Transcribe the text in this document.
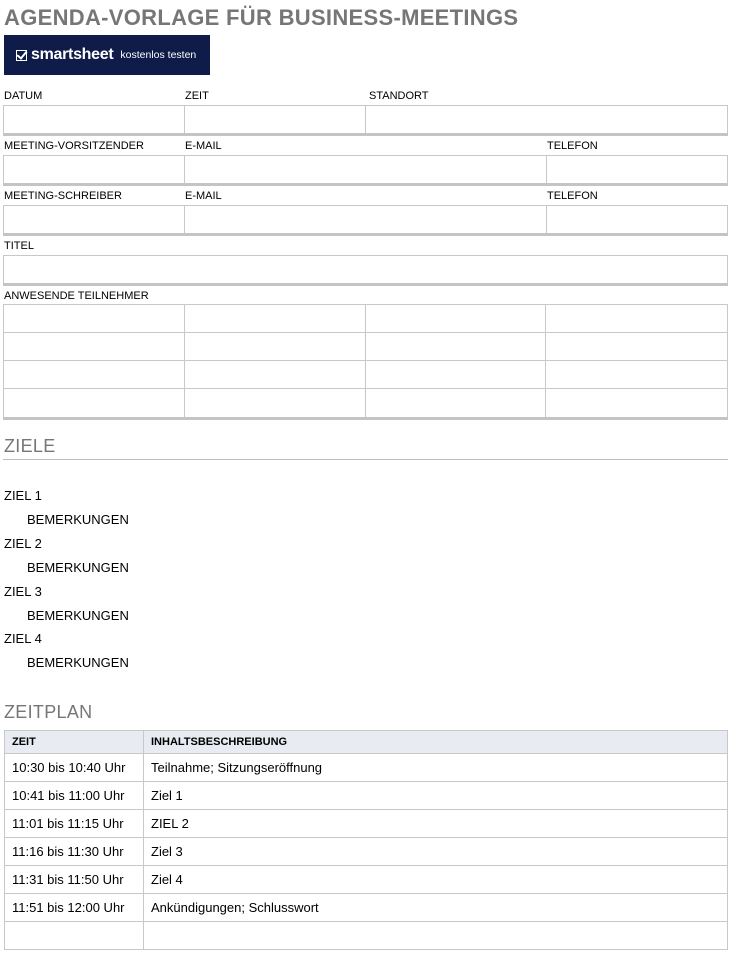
AGENDA-VORLAGE FÜR BUSINESS-MEETINGS
smartsheet kostenlos testen
DATUM	ZEIT	STANDORT
MEETING-VORSITZENDER	E-MAIL	TELEFON
MEETING-SCHREIBER	E-MAIL	TELEFON
TITEL
ANWESENDE TEILNEHMER
ZIELE
ZIEL 1
BEMERKUNGEN
ZIEL 2
BEMERKUNGEN
ZIEL 3
BEMERKUNGEN
ZIEL 4
BEMERKUNGEN
ZEITPLAN
ZEIT	INHALTSBESCHREIBUNG
10:30 bis 10:40 Uhr	Teilnahme; Sitzungseröffnung
10:41 bis 11:00 Uhr	Ziel 1
11:01 bis 11:15 Uhr	ZIEL 2
11:16 bis 11:30 Uhr	Ziel 3
11:31 bis 11:50 Uhr	Ziel 4
11:51 bis 12:00 Uhr	Ankündigungen; Schlusswort
